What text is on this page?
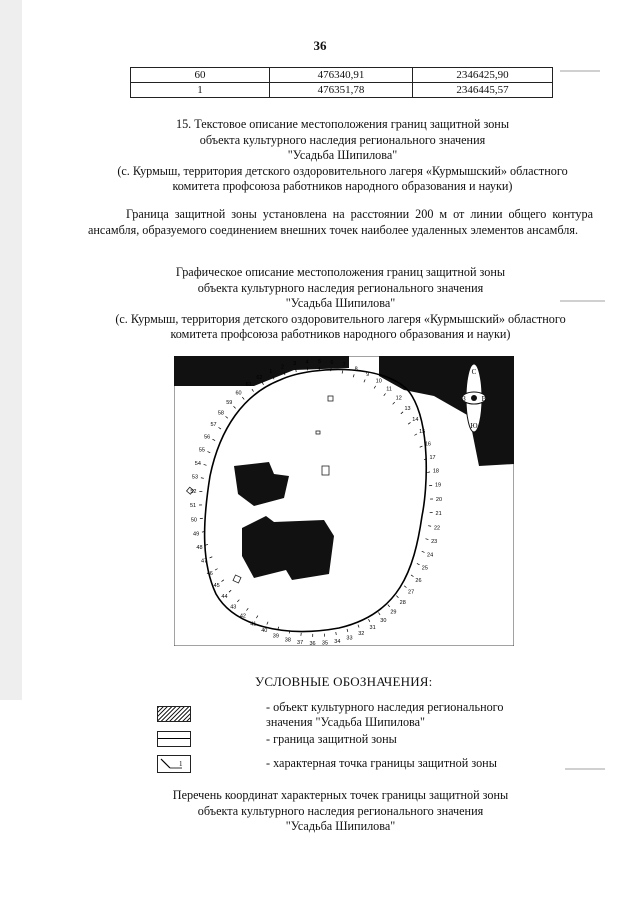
36
60	476340,91	2346425,90
1	476351,78	2346445,57
15. Текстовое описание местоположения границ защитной зоны
объекта культурного наследия регионального значения
"Усадьба Шипилова"
(с. Курмыш, территория детского оздоровительного лагеря «Курмышский» областного
комитета профсоюза работников народного образования и науки)
Граница защитной зоны установлена на расстоянии 200 м от линии общего контура ансамбля, образуемого соединением внешних точек наиболее удаленных элементов ансамбля.
Графическое описание местоположения границ защитной зоны
объекта культурного наследия регионального значения
"Усадьба Шипилова"
(с. Курмыш, территория детского оздоровительного лагеря «Курмышский» областного
комитета профсоюза работников народного образования и науки)
1
2
3 4 5 6 7
8
9
10
11
12
13
14
15
16
17
18
19
20
21
22
23
24
25
26
27
28
29
30
31
32
33
34
35
36
37
38
39
40
41
42
43
44
45
46
47
48
49
50
51
52
53
54
55
56
57
58
59
60
61
62
С
З В
Ю
УСЛОВНЫЕ ОБОЗНАЧЕНИЯ:
- объект культурного наследия регионального
значения "Усадьба Шипилова"
- граница защитной зоны
1	- характерная точка границы защитной зоны
Перечень координат характерных точек границы защитной зоны
объекта культурного наследия регионального значения
"Усадьба Шипилова"
